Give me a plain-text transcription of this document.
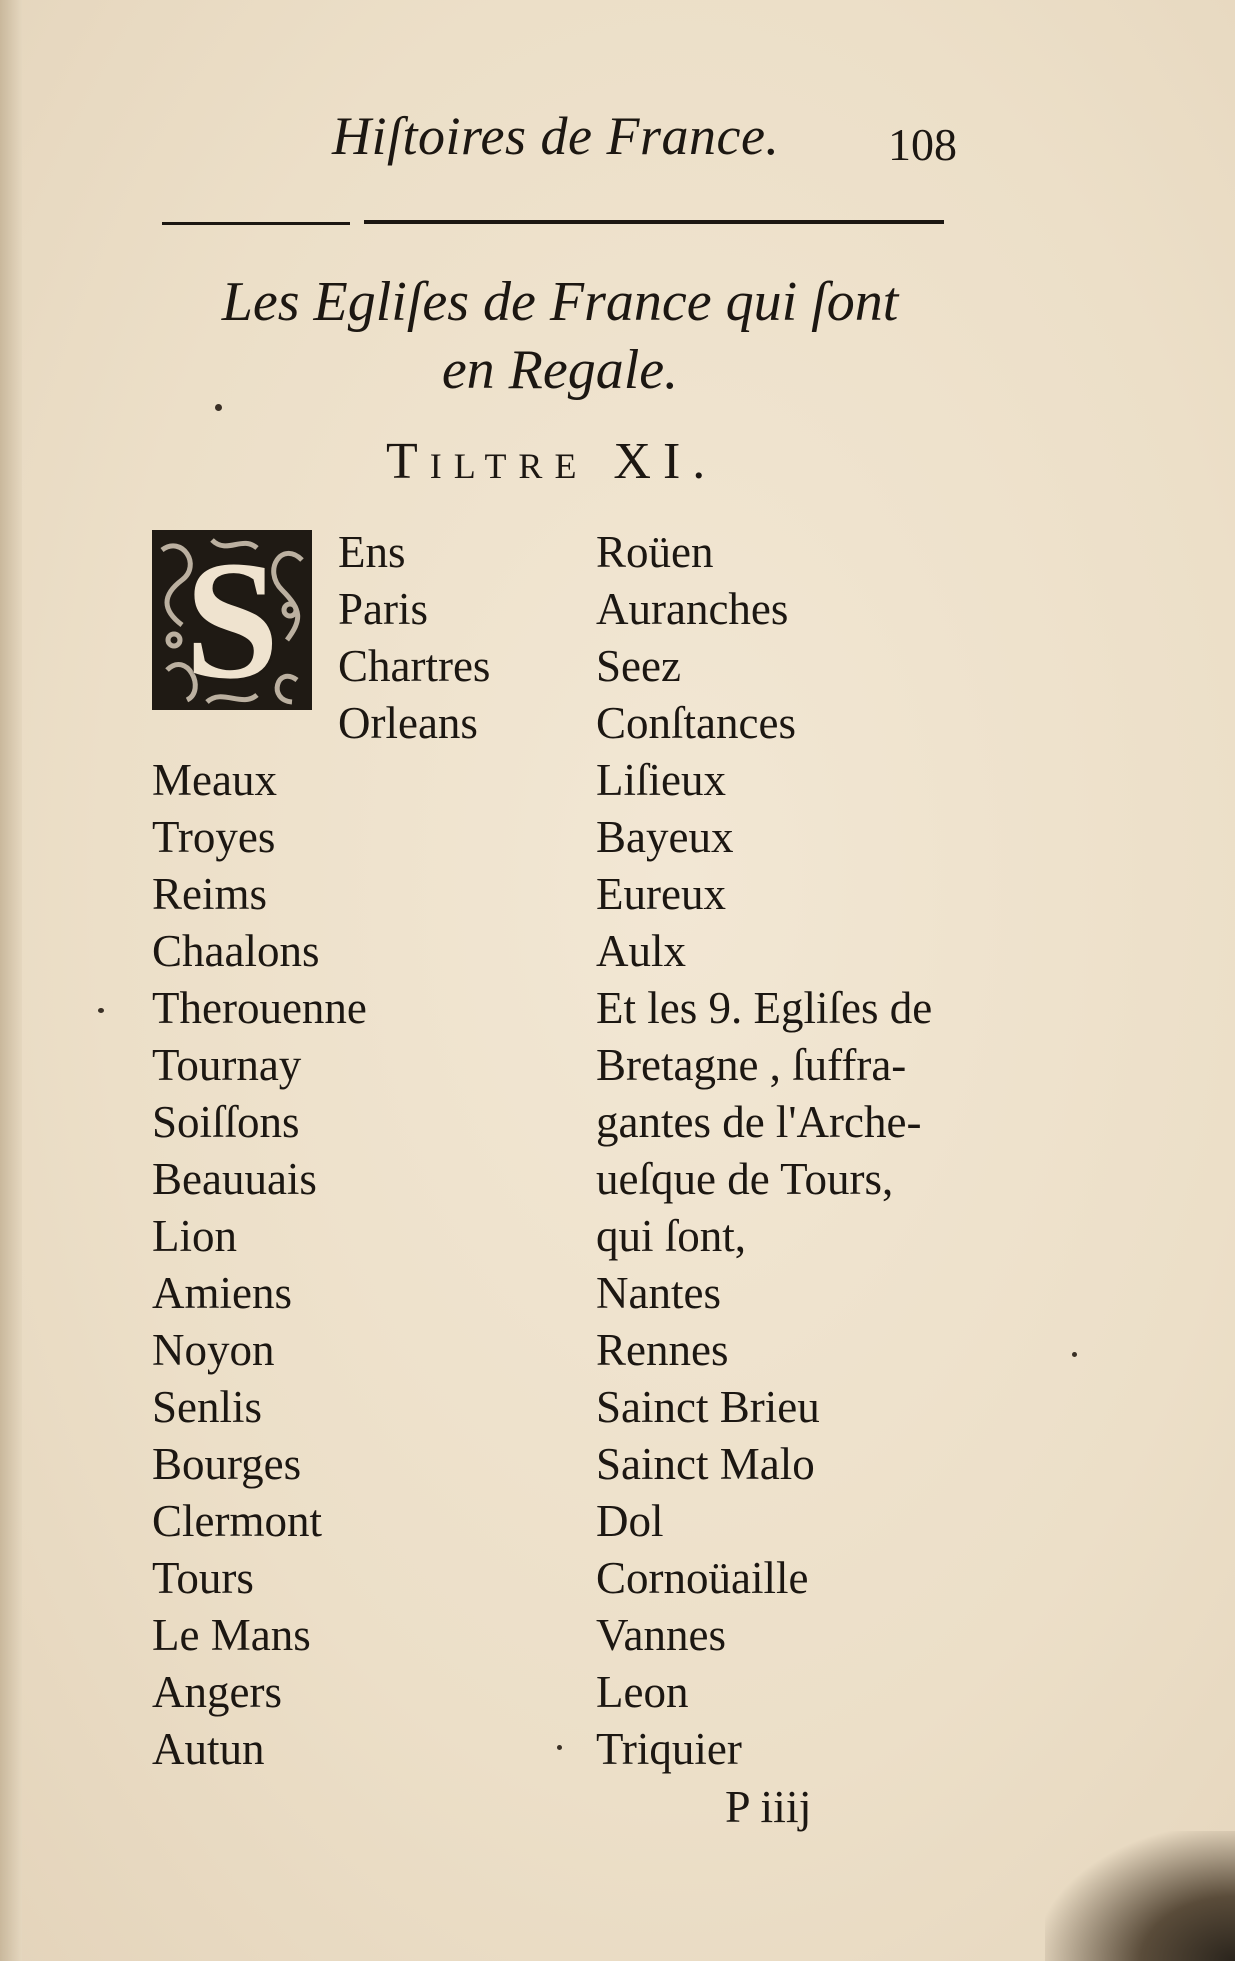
Hiſtoires de France. 108
Les Egliſes de France qui ſont
en Regale.
Tiltre XI.
S	Ens
Paris
Chartres
Orleans
Meaux
Troyes
Reims
Chaalons
Therouenne
Tournay
Soiſſons
Beauuais
Lion
Amiens
Noyon
Senlis
Bourges
Clermont
Tours
Le Mans
Angers
Autun
Roüen
Auranches
Seez
Conſtances
Liſieux
Bayeux
Eureux
Aulx
Et les 9. Egliſes de
Bretagne , ſuffra-
gantes de l'Arche-
ueſque de Tours,
qui ſont,
Nantes
Rennes
Sainct Brieu
Sainct Malo
Dol
Cornoüaille
Vannes
Leon
Triquier
P iiij
